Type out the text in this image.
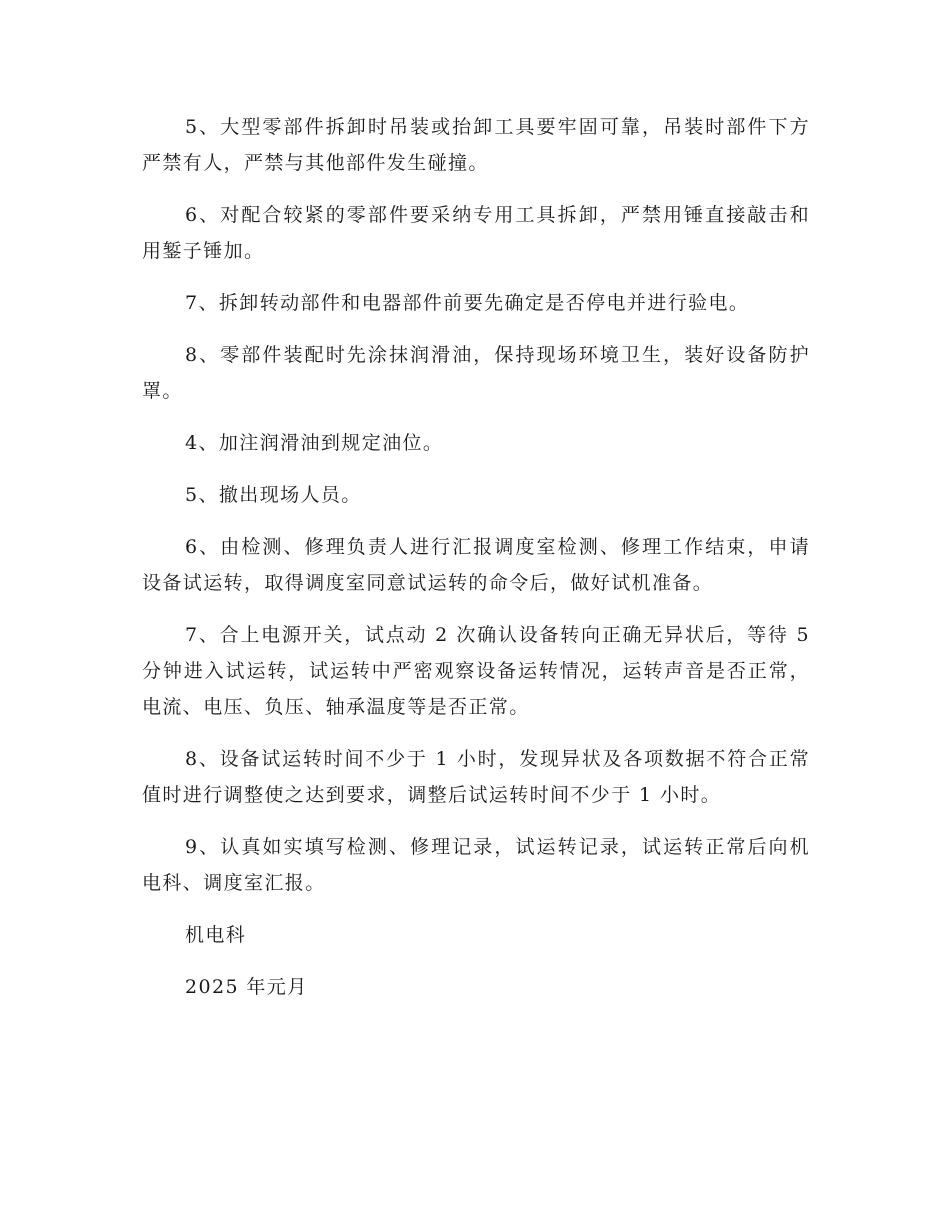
5、大型零部件拆卸时吊装或抬卸工具要牢固可靠，吊装时部件下方严禁有人，严禁与其他部件发生碰撞。

6、对配合较紧的零部件要采纳专用工具拆卸，严禁用锤直接敲击和用錾子锤加。

7、拆卸转动部件和电器部件前要先确定是否停电并进行验电。

8、零部件装配时先涂抹润滑油，保持现场环境卫生，装好设备防护罩。

4、加注润滑油到规定油位。

5、撤出现场人员。

6、由检测、修理负责人进行汇报调度室检测、修理工作结束，申请设备试运转，取得调度室同意试运转的命令后，做好试机准备。

7、合上电源开关，试点动 2 次确认设备转向正确无异状后，等待 5 分钟进入试运转，试运转中严密观察设备运转情况，运转声音是否正常，电流、电压、负压、轴承温度等是否正常。

8、设备试运转时间不少于 1 小时，发现异状及各项数据不符合正常值时进行调整使之达到要求，调整后试运转时间不少于 1 小时。

9、认真如实填写检测、修理记录，试运转记录，试运转正常后向机电科、调度室汇报。

机电科

2025 年元月
